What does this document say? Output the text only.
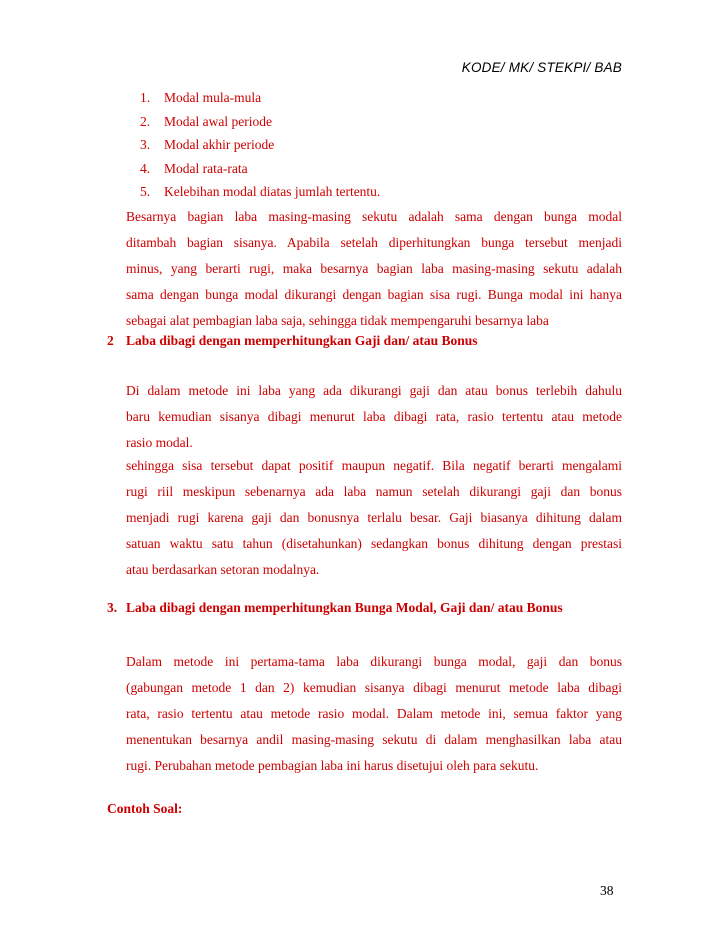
KODE/ MK/ STEKPI/ BAB
1. Modal mula-mula
2. Modal awal periode
3. Modal akhir periode
4. Modal rata-rata
5. Kelebihan modal diatas jumlah tertentu.
Besarnya bagian laba masing-masing sekutu adalah sama dengan bunga modal
ditambah bagian sisanya. Apabila setelah diperhitungkan bunga tersebut menjadi
minus, yang berarti rugi, maka besarnya bagian laba masing-masing sekutu adalah
sama dengan bunga modal dikurangi dengan bagian sisa rugi. Bunga modal ini hanya
sebagai alat pembagian laba saja, sehingga tidak mempengaruhi besarnya laba
2 Laba dibagi dengan memperhitungkan Gaji dan/ atau Bonus
Di dalam metode ini laba yang ada dikurangi gaji dan atau bonus terlebih dahulu
baru kemudian sisanya dibagi menurut laba dibagi rata, rasio tertentu atau metode
rasio modal.
sehingga sisa tersebut dapat positif maupun negatif. Bila negatif berarti mengalami
rugi riil meskipun sebenarnya ada laba namun setelah dikurangi gaji dan bonus
menjadi rugi karena gaji dan bonusnya terlalu besar. Gaji biasanya dihitung dalam
satuan waktu satu tahun (disetahunkan) sedangkan bonus dihitung dengan prestasi
atau berdasarkan setoran modalnya.
3. Laba dibagi dengan memperhitungkan Bunga Modal, Gaji dan/ atau Bonus
Dalam metode ini pertama-tama laba dikurangi bunga modal, gaji dan bonus
(gabungan metode 1 dan 2) kemudian sisanya dibagi menurut metode laba dibagi
rata, rasio tertentu atau metode rasio modal. Dalam metode ini, semua faktor yang
menentukan besarnya andil masing-masing sekutu di dalam menghasilkan laba atau
rugi. Perubahan metode pembagian laba ini harus disetujui oleh para sekutu.
Contoh Soal:
38
